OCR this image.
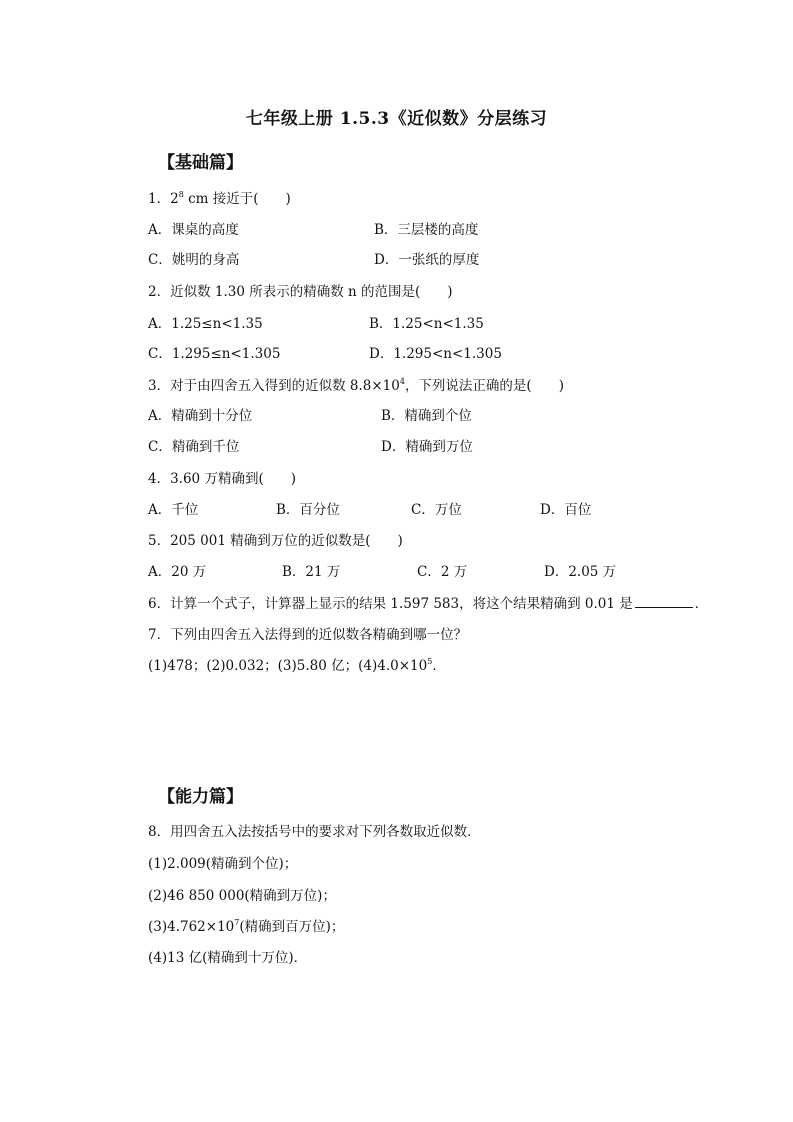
七年级上册 1.5.3《近似数》分层练习
【基础篇】
1．$2^8$ cm 接近于(　　)
A．课桌的高度	B．三层楼的高度
C．姚明的身高	D．一张纸的厚度
2．近似数 1.30 所表示的精确数 n 的范围是(　　)
A．1.25≤n<1.35	B．1.25<n<1.35
C．1.295≤n<1.305	D．1.295<n<1.305
3．对于由四舍五入得到的近似数 $8.8\times 10^4$，下列说法正确的是(　　)
A．精确到十分位	B．精确到个位
C．精确到千位	D．精确到万位
4．3.60 万精确到(　　)
A．千位	B．百分位	C．万位	D．百位
5．205 001 精确到万位的近似数是(　　)
A．20 万	B．21 万	C．2 万	D．2.05 万
6．计算一个式子，计算器上显示的结果 1.597 583，将这个结果精确到 0.01 是	．
7．下列由四舍五入法得到的近似数各精确到哪一位？
(1)478；(2)0.032；(3)5.80 亿；$(4)4.0\times 10^5$．
【能力篇】
8．用四舍五入法按括号中的要求对下列各数取近似数．
(1)2.009(精确到个位)；
(2)46 850 000(精确到万位)；
$(3)4.762\times 10^7$(精确到百万位)；
(4)13 亿(精确到十万位)．
